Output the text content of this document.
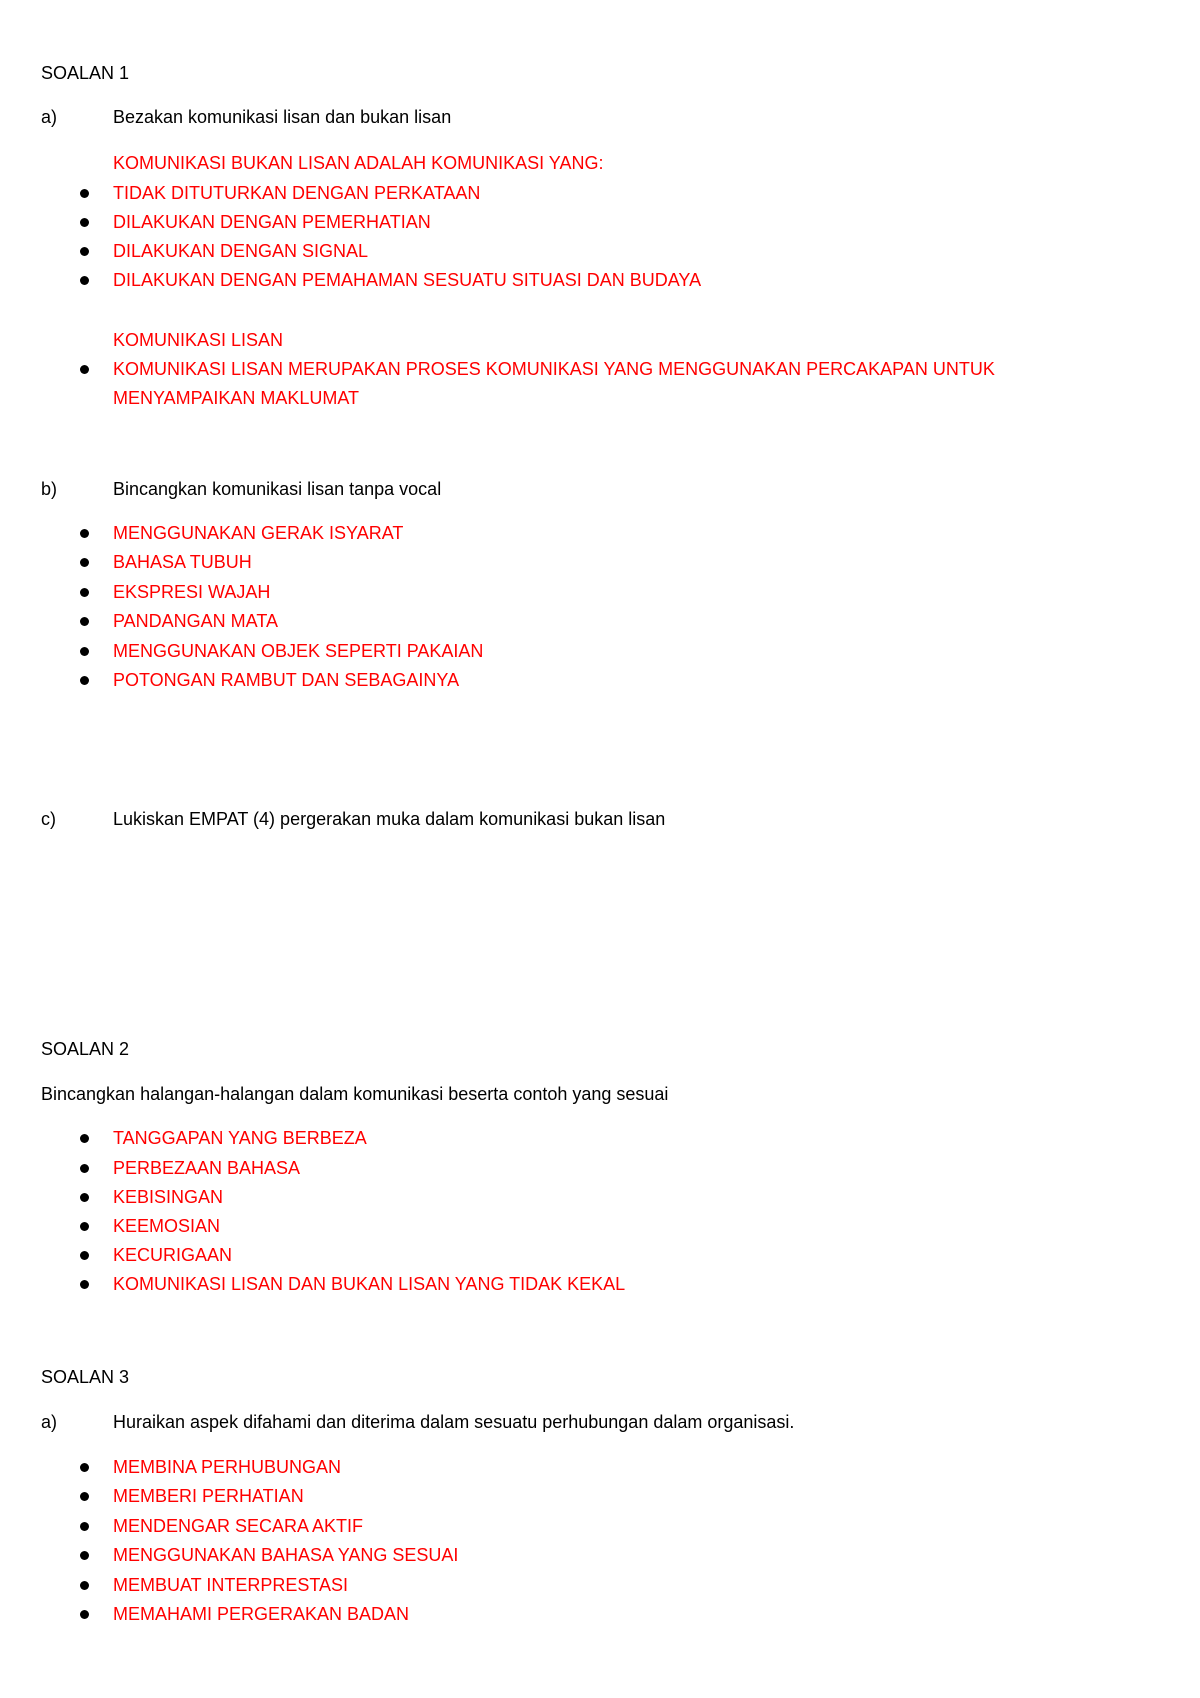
SOALAN 1
a)	Bezakan komunikasi lisan dan bukan lisan
KOMUNIKASI BUKAN LISAN ADALAH KOMUNIKASI YANG:
TIDAK DITUTURKAN DENGAN PERKATAAN
DILAKUKAN DENGAN PEMERHATIAN
DILAKUKAN DENGAN SIGNAL
DILAKUKAN DENGAN PEMAHAMAN SESUATU SITUASI DAN BUDAYA
KOMUNIKASI LISAN
KOMUNIKASI LISAN MERUPAKAN PROSES KOMUNIKASI YANG MENGGUNAKAN PERCAKAPAN UNTUK
MENYAMPAIKAN MAKLUMAT
b)	Bincangkan komunikasi lisan tanpa vocal
MENGGUNAKAN GERAK ISYARAT
BAHASA TUBUH
EKSPRESI WAJAH
PANDANGAN MATA
MENGGUNAKAN OBJEK SEPERTI PAKAIAN
POTONGAN RAMBUT DAN SEBAGAINYA
c)	Lukiskan EMPAT (4) pergerakan muka dalam komunikasi bukan lisan
SOALAN 2
Bincangkan halangan-halangan dalam komunikasi beserta contoh yang sesuai
TANGGAPAN YANG BERBEZA
PERBEZAAN BAHASA
KEBISINGAN
KEEMOSIAN
KECURIGAAN
KOMUNIKASI LISAN DAN BUKAN LISAN YANG TIDAK KEKAL
SOALAN 3
a)	Huraikan aspek difahami dan diterima dalam sesuatu perhubungan dalam organisasi.
MEMBINA PERHUBUNGAN
MEMBERI PERHATIAN
MENDENGAR SECARA AKTIF
MENGGUNAKAN BAHASA YANG SESUAI
MEMBUAT INTERPRESTASI
MEMAHAMI PERGERAKAN BADAN
